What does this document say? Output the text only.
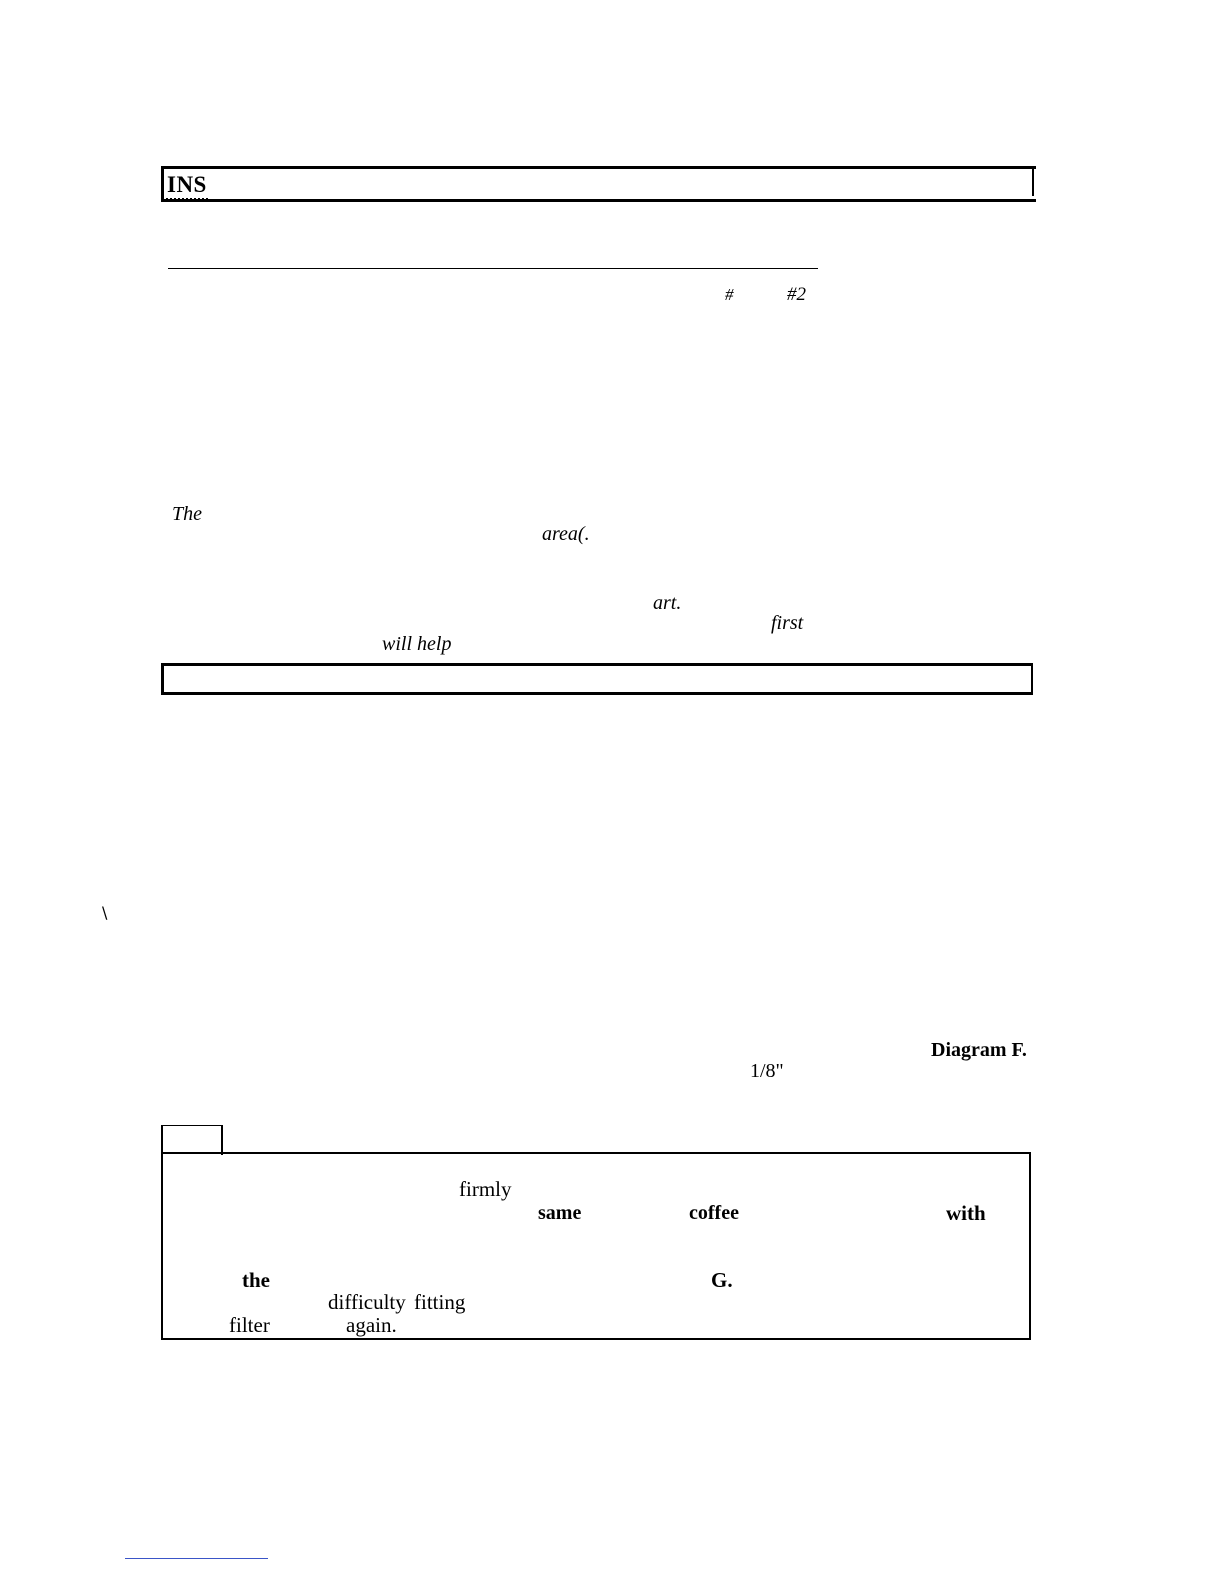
INS
#	#2
The
area(.
art.
first
will help
\
Diagram F.
1/8"
firmly
same	coffee	with
the	G.
difficulty fitting
filter	again.
